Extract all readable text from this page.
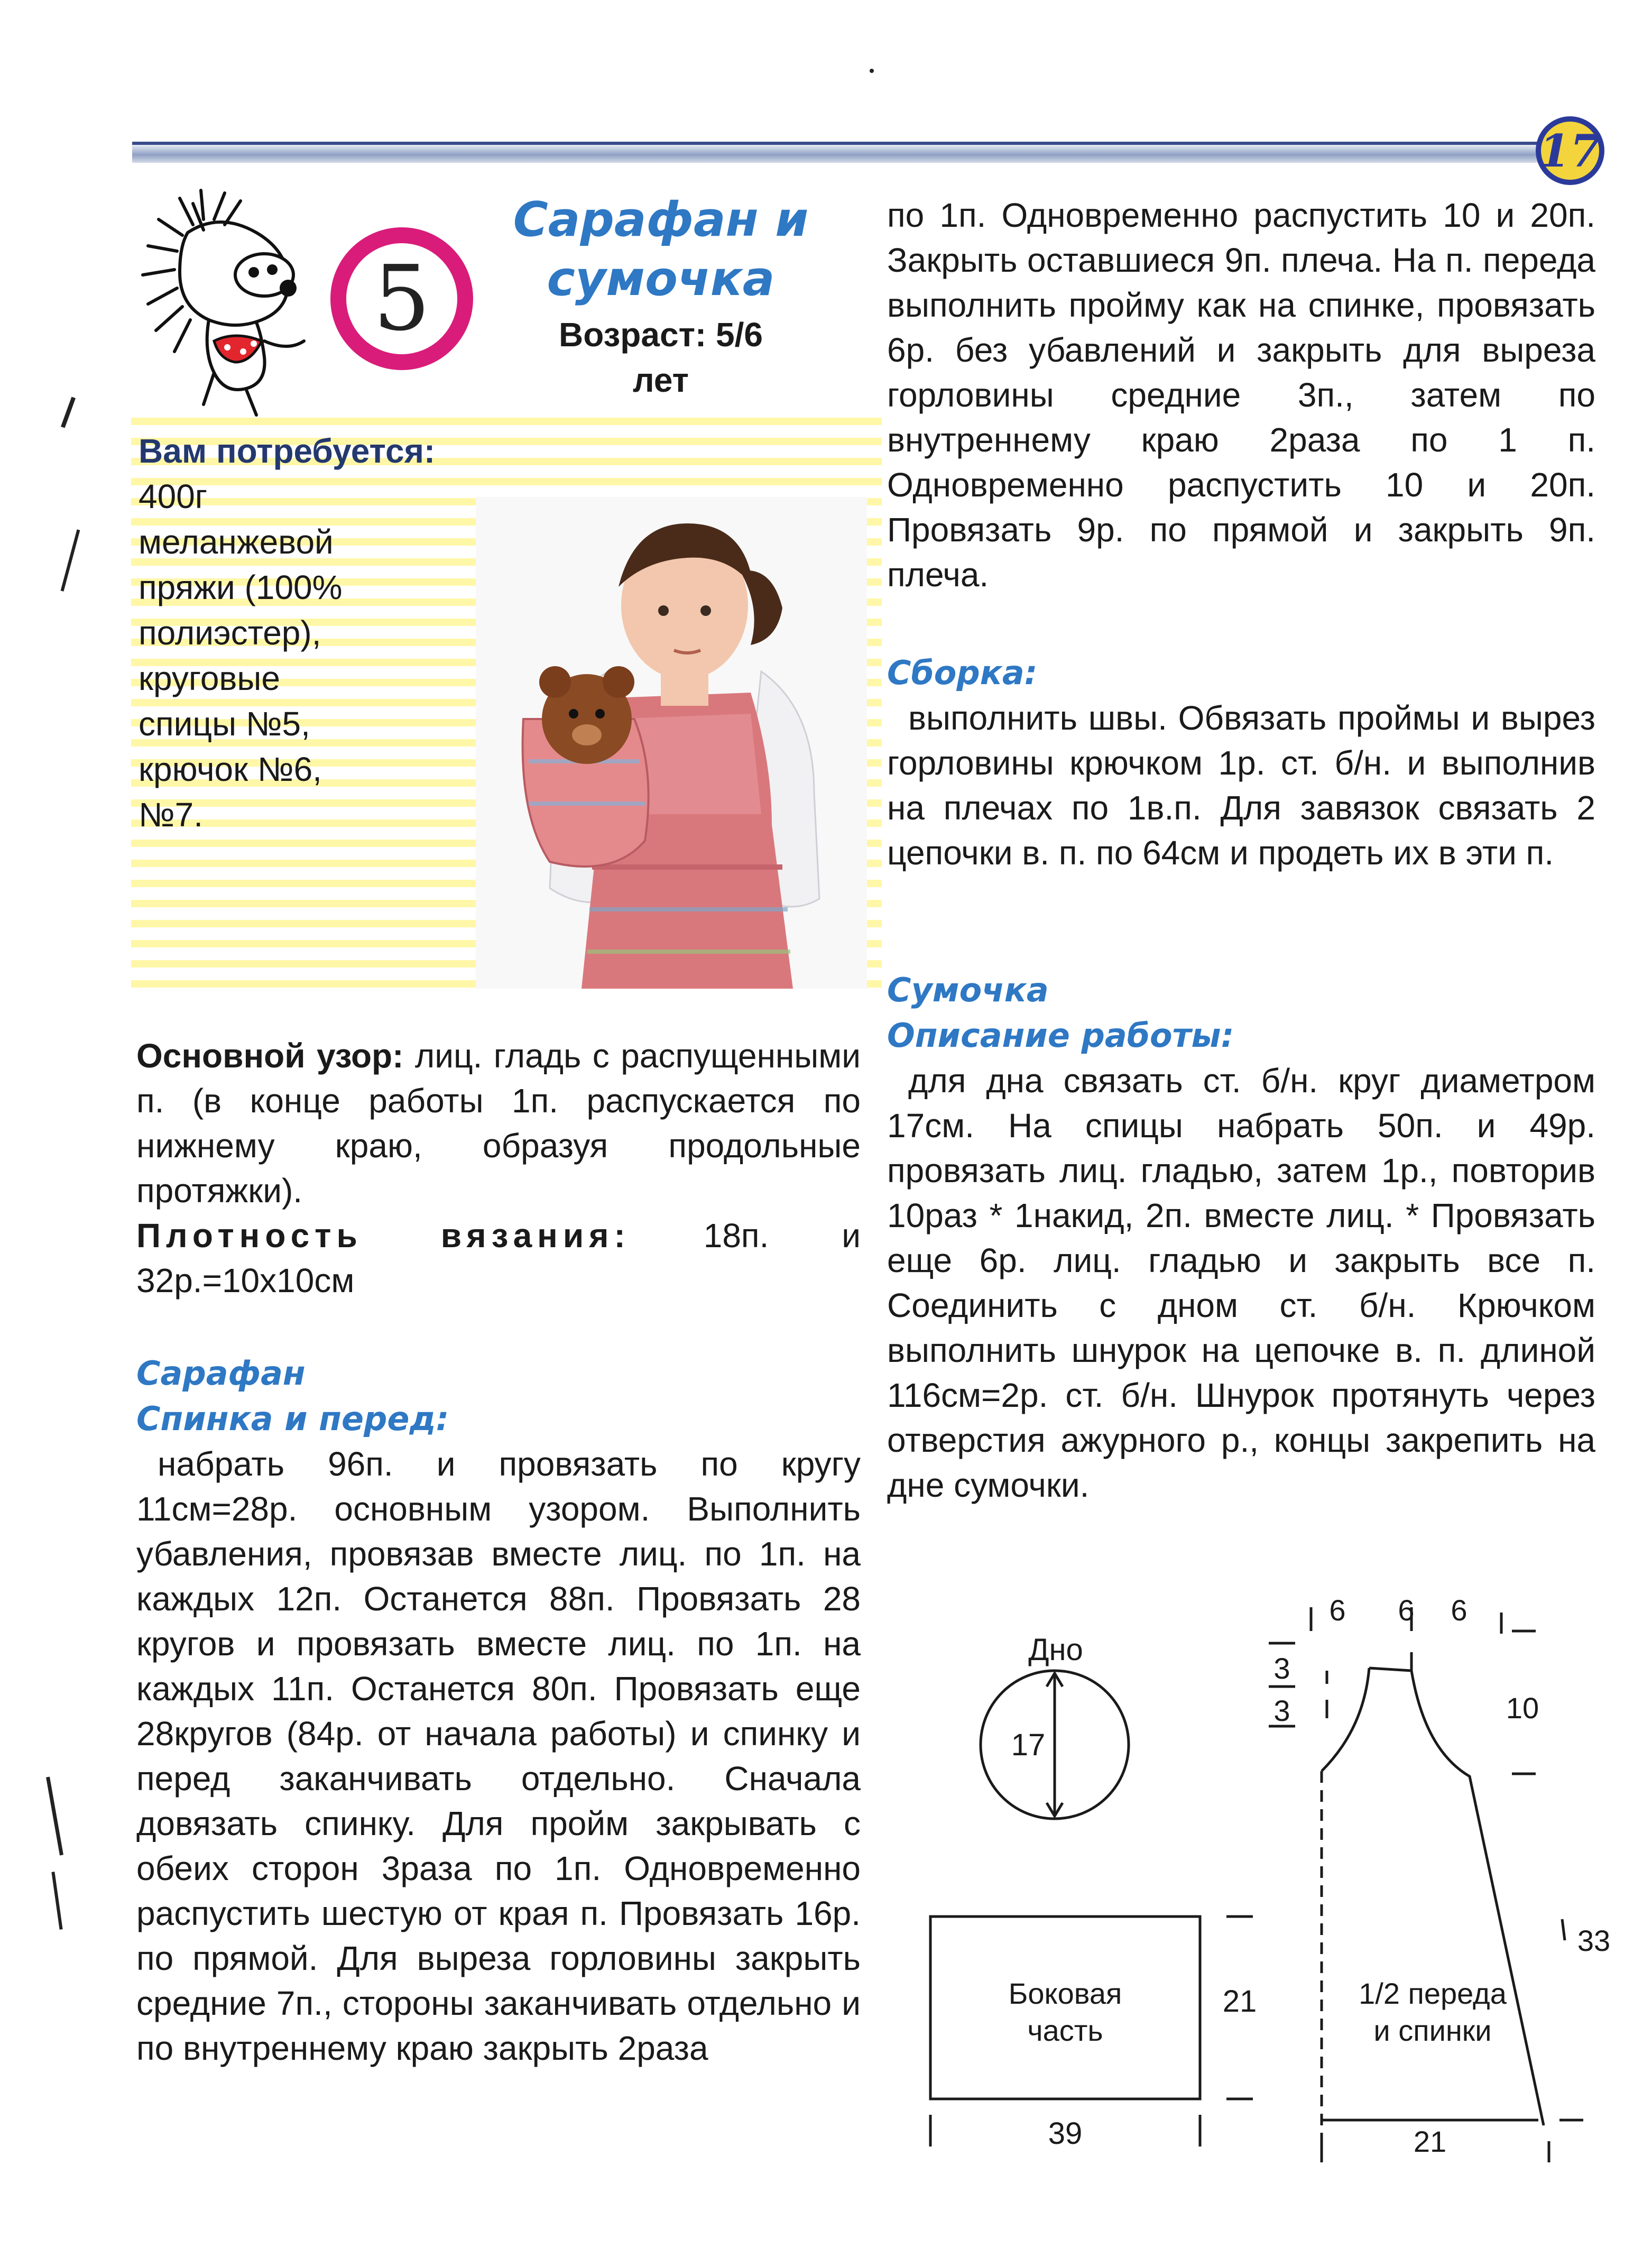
17
5
Сарафан и
сумочка
Возраст: 5/6
лет
Вам потребуется:
400г
меланжевой
пряжи (100%
полиэстер),
круговые
спицы №5,
крючок №6,
№7.

Основной узор: лиц. гладь с распущенными п. (в конце работы 1п. распускается по нижнему краю, образуя продольные протяжки).

Плотность вязания: 18п. и 32р.=10х10см

Сарафан
Спинка и перед:

набрать 96п. и провязать по кругу 11см=28р. основным узором. Выполнить убавления, провязав вместе лиц. по 1п. на каждых 12п. Останется 88п. Провязать 28 кругов и провязать вместе лиц. по 1п. на каждых 11п. Останется 80п. Провязать еще 28кругов (84р. от начала работы) и спинку и перед заканчивать отдельно. Сначала довязать спинку. Для пройм закрывать с обеих сторон 3раза по 1п. Одновременно распустить шестую от края п. Провязать 16р. по прямой. Для выреза горловины закрыть средние 7п., стороны заканчивать отдельно и по внутреннему краю закрыть 2раза

по 1п. Одновременно распустить 10 и 20п. Закрыть оставшиеся 9п. плеча. На п. переда выполнить пройму как на спинке, провязать 6р. без убавлений и закрыть для выреза горловины средние 3п., затем по внутреннему краю 2раза по 1 п. Одновременно распустить 10 и 20п. Провязать 9р. по прямой и закрыть 9п. плеча.

Сборка:

выполнить швы. Обвязать проймы и вырез горловины крючком 1р. ст. б/н. и выполнив на плечах по 1в.п. Для завязок связать 2 цепочки в. п. по 64см и продеть их в эти п.

Сумочка
Описание работы:

для дна связать ст. б/н. круг диаметром 17см. На спицы набрать 50п. и 49р. провязать лиц. гладью, затем 1р., повторив 10раз * 1накид, 2п. вместе лиц. * Провязать еще 6р. лиц. гладью и закрыть все п. Соединить с дном ст. б/н. Крючком выполнить шнурок на цепочке в. п. длиной 116см=2р. ст. б/н. Шнурок протянуть через отверстия ажурного р., концы закрепить на дне сумочки.

Дно
17
Боковая
часть
21
39
1/2 переда
и спинки
6 6 6
3
3	10
33
21
